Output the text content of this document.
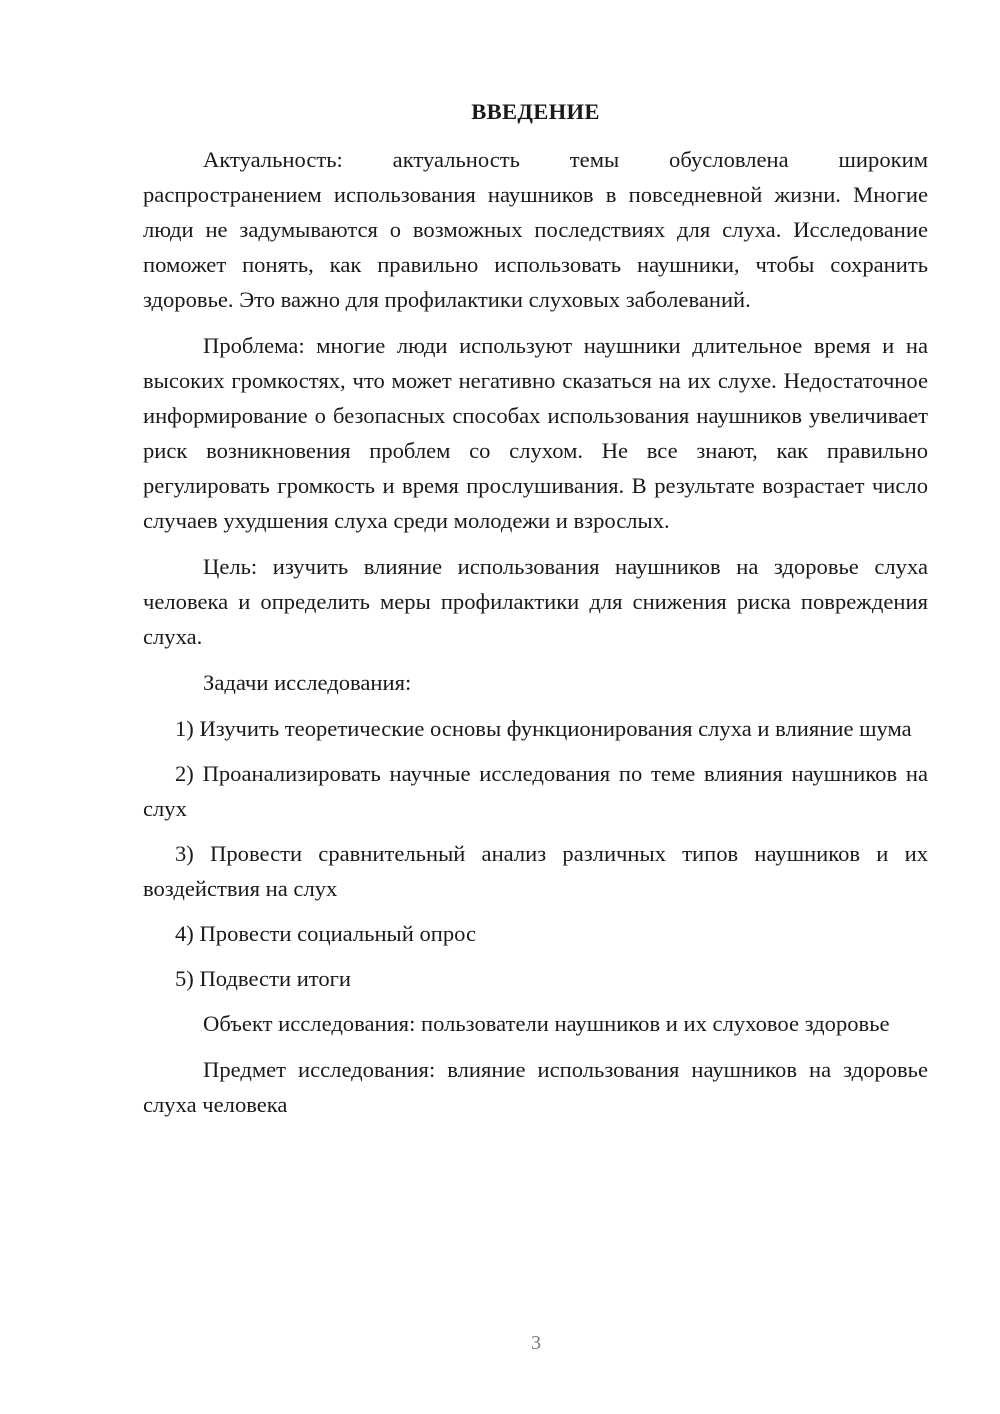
ВВЕДЕНИЕ

Актуальность: актуальность темы обусловлена широким распространением использования наушников в повседневной жизни. Многие люди не задумываются о возможных последствиях для слуха. Исследование поможет понять, как правильно использовать наушники, чтобы сохранить здоровье. Это важно для профилактики слуховых заболеваний.

Проблема: многие люди используют наушники длительное время и на высоких громкостях, что может негативно сказаться на их слухе. Недостаточное информирование о безопасных способах использования наушников увеличивает риск возникновения проблем со слухом. Не все знают, как правильно регулировать громкость и время прослушивания. В результате возрастает число случаев ухудшения слуха среди молодежи и взрослых.

Цель: изучить влияние использования наушников на здоровье слуха человека и определить меры профилактики для снижения риска повреждения слуха.

Задачи исследования:

1) Изучить теоретические основы функционирования слуха и влияние шума

2) Проанализировать научные исследования по теме влияния наушников на слух

3) Провести сравнительный анализ различных типов наушников и их воздействия на слух

4) Провести социальный опрос

5) Подвести итоги

Объект исследования: пользователи наушников и их слуховое здоровье

Предмет исследования: влияние использования наушников на здоровье слуха человека

3
